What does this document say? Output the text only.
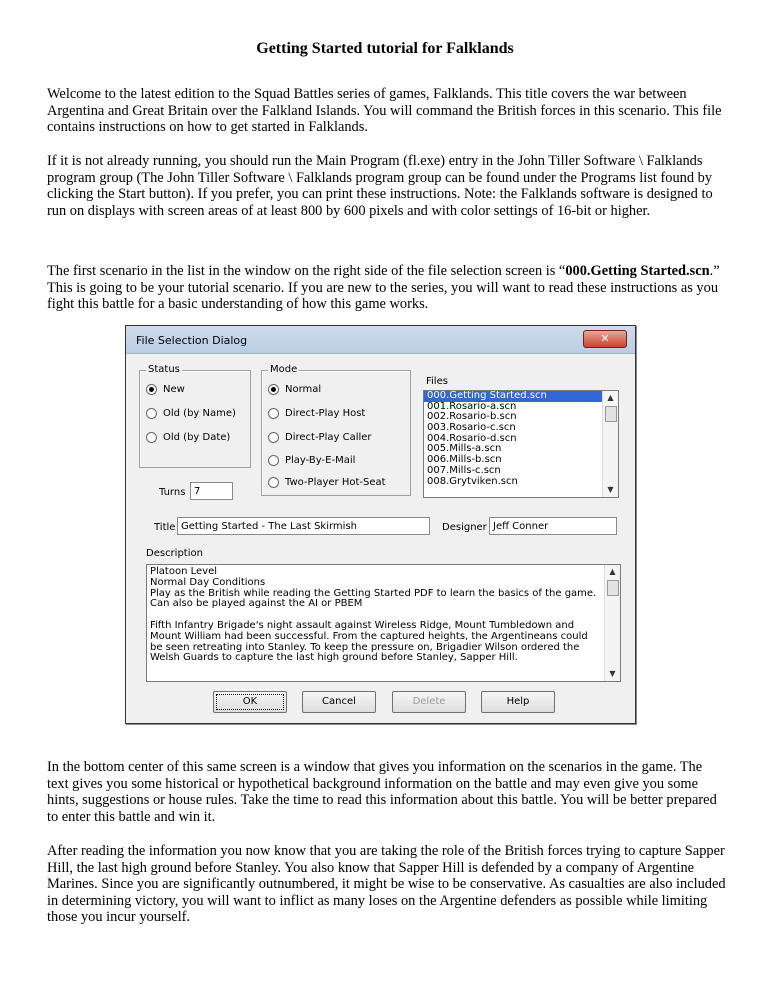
Getting Started tutorial for Falklands

Welcome to the latest edition to the Squad Battles series of games, Falklands. This title covers the war between Argentina and Great Britain over the Falkland Islands. You will command the British forces in this scenario. This file contains instructions on how to get started in Falklands.

If it is not already running, you should run the Main Program (fl.exe) entry in the John Tiller Software \ Falklands program group (The John Tiller Software \ Falklands program group can be found under the Programs list found by clicking the Start button). If you prefer, you can print these instructions. Note: the Falklands software is designed to run on displays with screen areas of at least 800 by 600 pixels and with color settings of 16-bit or higher.

The first scenario in the list in the window on the right side of the file selection screen is “000.Getting Started.scn.” This is going to be your tutorial scenario. If you are new to the series, you will want to read these instructions as you fight this battle for a basic understanding of how this game works.

In the bottom center of this same screen is a window that gives you information on the scenarios in the game. The text gives you some historical or hypothetical background information on the battle and may even give you some hints, suggestions or house rules. Take the time to read this information about this battle. You will be better prepared to enter this battle and win it.

After reading the information you now know that you are taking the role of the British forces trying to capture Sapper Hill, the last high ground before Stanley. You also know that Sapper Hill is defended by a company of Argentine Marines. Since you are significantly outnumbered, it might be wise to be conservative. As casualties are also included in determining victory, you will want to inflict as many loses on the Argentine defenders as possible while limiting those you incur yourself.

File Selection Dialog	✕
Status
New
Old (by Name)
Old (by Date)
Mode
Normal
Direct-Play Host
Direct-Play Caller
Play-By-E-Mail
Two-Player Hot-Seat
Files
000.Getting Started.scn
001.Rosario-a.scn
002.Rosario-b.scn
003.Rosario-c.scn
004.Rosario-d.scn
005.Mills-a.scn
006.Mills-b.scn
007.Mills-c.scn
008.Grytviken.scn
▲
▼
Turns 7
Title Getting Started - The Last Skirmish	Designer Jeff Conner
Description
Platoon Level
Normal Day Conditions
Play as the British while reading the Getting Started PDF to learn the basics of the game. Can also be played against the AI or PBEM
Fifth Infantry Brigade's night assault against Wireless Ridge, Mount Tumbledown and Mount William had been successful. From the captured heights, the Argentineans could be seen retreating into Stanley. To keep the pressure on, Brigadier Wilson ordered the Welsh Guards to capture the last high ground before Stanley, Sapper Hill.
▲
▼
OK	Cancel	Delete	Help
